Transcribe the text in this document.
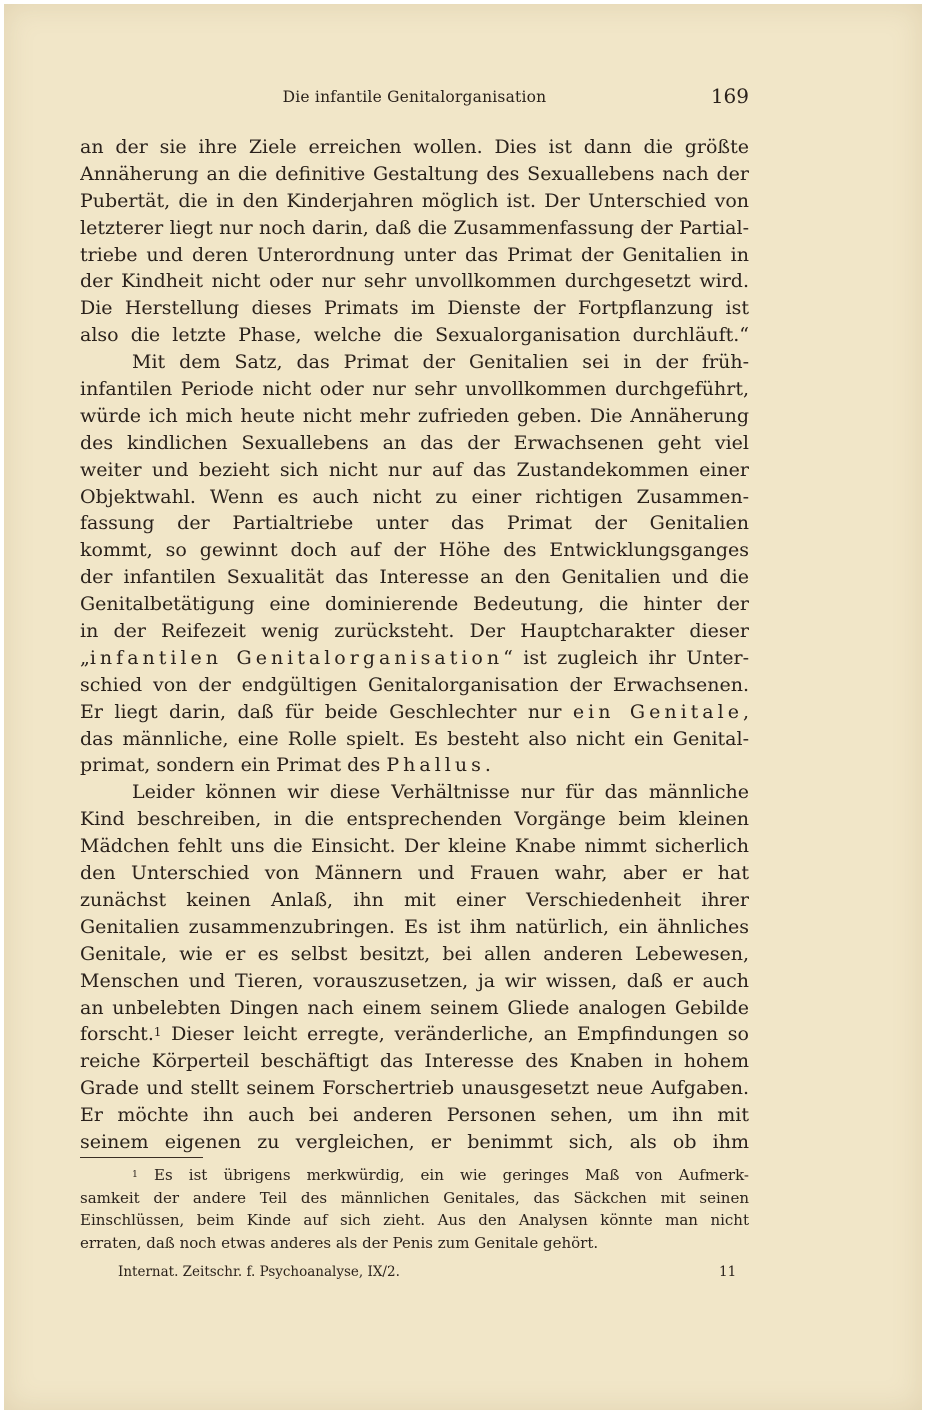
Die infantile Genitalorganisation	169
an der sie ihre Ziele erreichen wollen. Dies ist dann die größte
Annäherung an die definitive Gestaltung des Sexuallebens nach der
Pubertät, die in den Kinderjahren möglich ist. Der Unterschied von
letzterer liegt nur noch darin, daß die Zusammenfassung der Partial-
triebe und deren Unterordnung unter das Primat der Genitalien in
der Kindheit nicht oder nur sehr unvollkommen durchgesetzt wird.
Die Herstellung dieses Primats im Dienste der Fortpflanzung ist
also die letzte Phase, welche die Sexualorganisation durchläuft.“
Mit dem Satz, das Primat der Genitalien sei in der früh-
infantilen Periode nicht oder nur sehr unvollkommen durchgeführt,
würde ich mich heute nicht mehr zufrieden geben. Die Annäherung
des kindlichen Sexuallebens an das der Erwachsenen geht viel
weiter und bezieht sich nicht nur auf das Zustandekommen einer
Objektwahl. Wenn es auch nicht zu einer richtigen Zusammen-
fassung der Partialtriebe unter das Primat der Genitalien
kommt, so gewinnt doch auf der Höhe des Entwicklungsganges
der infantilen Sexualität das Interesse an den Genitalien und die
Genitalbetätigung eine dominierende Bedeutung, die hinter der
in der Reifezeit wenig zurücksteht. Der Hauptcharakter dieser
„infantilen Genitalorganisation“ ist zugleich ihr Unter-
schied von der endgültigen Genitalorganisation der Erwachsenen.
Er liegt darin, daß für beide Geschlechter nur ein Genitale,
das männliche, eine Rolle spielt. Es besteht also nicht ein Genital-
primat, sondern ein Primat des Phallus.
Leider können wir diese Verhältnisse nur für das männliche
Kind beschreiben, in die entsprechenden Vorgänge beim kleinen
Mädchen fehlt uns die Einsicht. Der kleine Knabe nimmt sicherlich
den Unterschied von Männern und Frauen wahr, aber er hat
zunächst keinen Anlaß, ihn mit einer Verschiedenheit ihrer
Genitalien zusammenzubringen. Es ist ihm natürlich, ein ähnliches
Genitale, wie er es selbst besitzt, bei allen anderen Lebewesen,
Menschen und Tieren, vorauszusetzen, ja wir wissen, daß er auch
an unbelebten Dingen nach einem seinem Gliede analogen Gebilde
forscht.$^1$ Dieser leicht erregte, veränderliche, an Empfindungen so
reiche Körperteil beschäftigt das Interesse des Knaben in hohem
Grade und stellt seinem Forschertrieb unausgesetzt neue Aufgaben.
Er möchte ihn auch bei anderen Personen sehen, um ihn mit
seinem eigenen zu vergleichen, er benimmt sich, als ob ihm
$^1$ Es ist übrigens merkwürdig, ein wie geringes Maß von Aufmerk-
samkeit der andere Teil des männlichen Genitales, das Säckchen mit seinen
Einschlüssen, beim Kinde auf sich zieht. Aus den Analysen könnte man nicht
erraten, daß noch etwas anderes als der Penis zum Genitale gehört.
Internat. Zeitschr. f. Psychoanalyse, IX/2.	11
